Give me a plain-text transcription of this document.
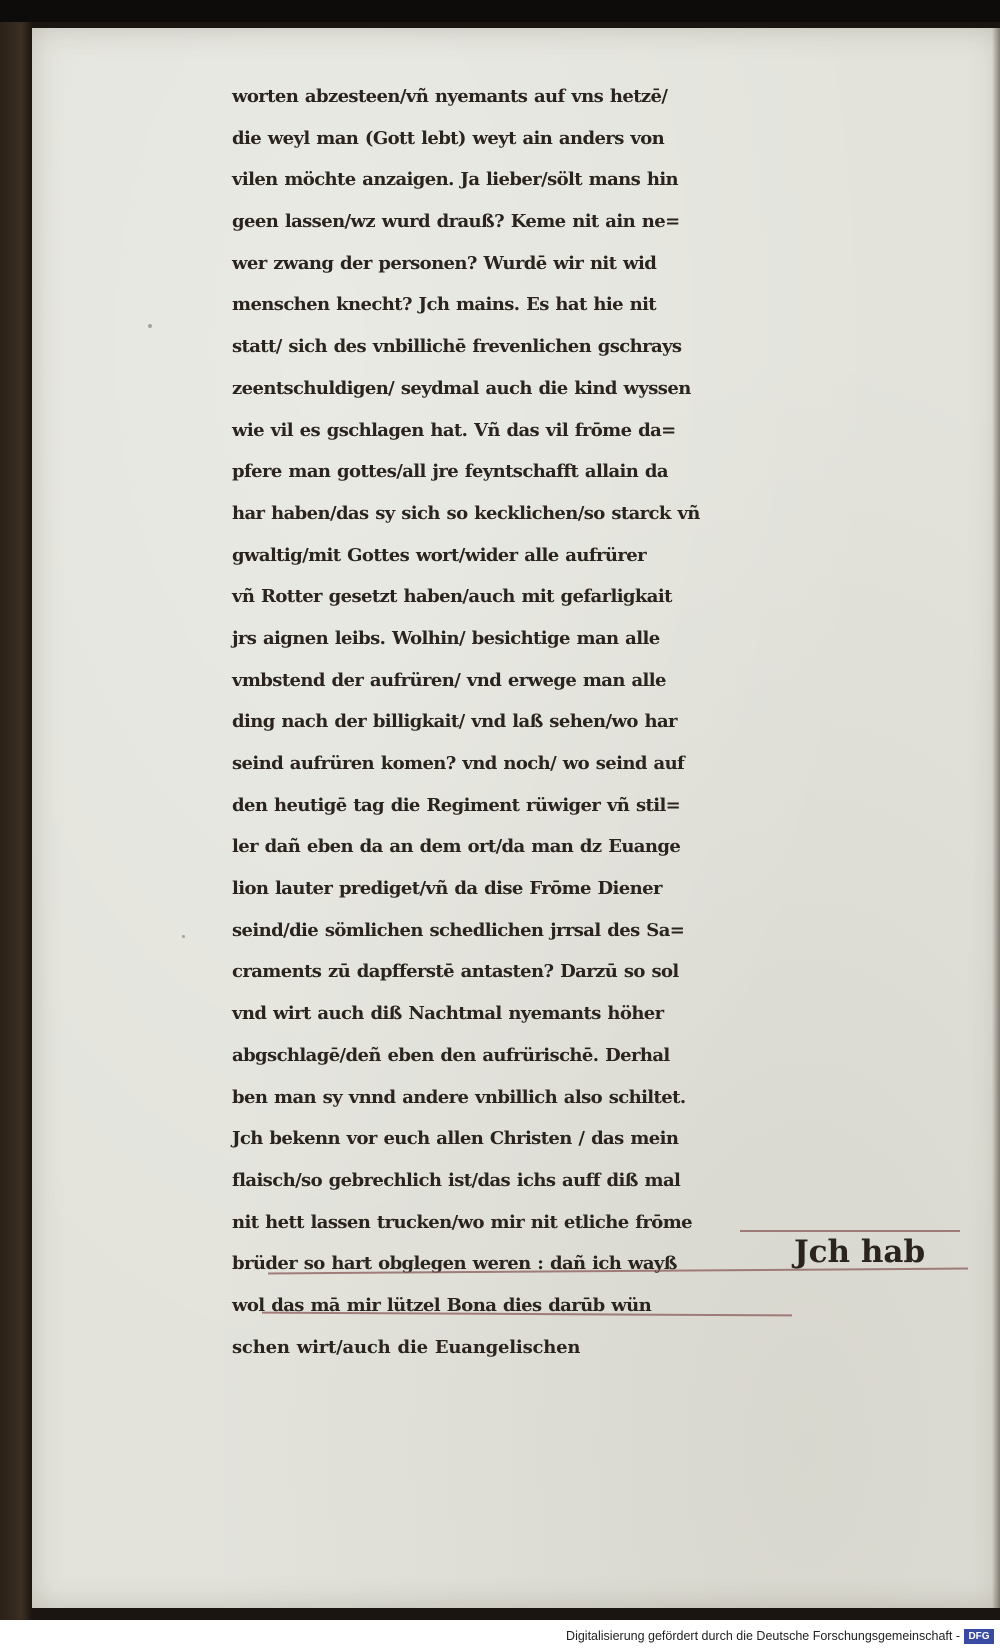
worten abzesteen/vñ nyemants auf vns hetzē/
die weyl man (Gott lebt) weyt ain anders von
vilen möchte anzaigen. Ja lieber/sölt mans hin
geen lassen/wz wurd drauß? Keme nit ain ne=
wer zwang der personen? Wurdē wir nit wid
menschen knecht? Jch mains. Es hat hie nit
statt/ sich des vnbillichē frevenlichen gschrays
zeentschuldigen/ seydmal auch die kind wyssen
wie vil es gschlagen hat. Vñ das vil frōme da=
pfere man gottes/all jre feyntschafft allain da
har haben/das sy sich so kecklichen/so starck vñ
gwaltig/mit Gottes wort/wider alle aufrürer
vñ Rotter gesetzt haben/auch mit gefarligkait
jrs aignen leibs. Wolhin/ besichtige man alle
vmbstend der aufrüren/ vnd erwege man alle
ding nach der billigkait/ vnd laß sehen/wo har
seind aufrüren komen? vnd noch/ wo seind auf
den heutigē tag die Regiment rüwiger vñ stil=
ler dañ eben da an dem ort/da man dz Euange
lion lauter prediget/vñ da dise Frōme Diener
seind/die sömlichen schedlichen jrrsal des Sa=
craments zū dapfferstē antasten? Darzū so sol
vnd wirt auch diß Nachtmal nyemants höher
abgschlagē/deñ eben den aufrürischē. Derhal
ben man sy vnnd andere vnbillich also schiltet.
Jch bekenn vor euch allen Christen / das mein
flaisch/so gebrechlich ist/das ichs auff diß mal
nit hett lassen trucken/wo mir nit etliche frōme
brüder so hart obglegen weren : dañ ich wayß
wol das mā mir lützel Bona dies darūb wün
schen wirt/auch die Euangelischen
Jch hab
Digitalisierung gefördert durch die Deutsche Forschungsgemeinschaft - DFG
